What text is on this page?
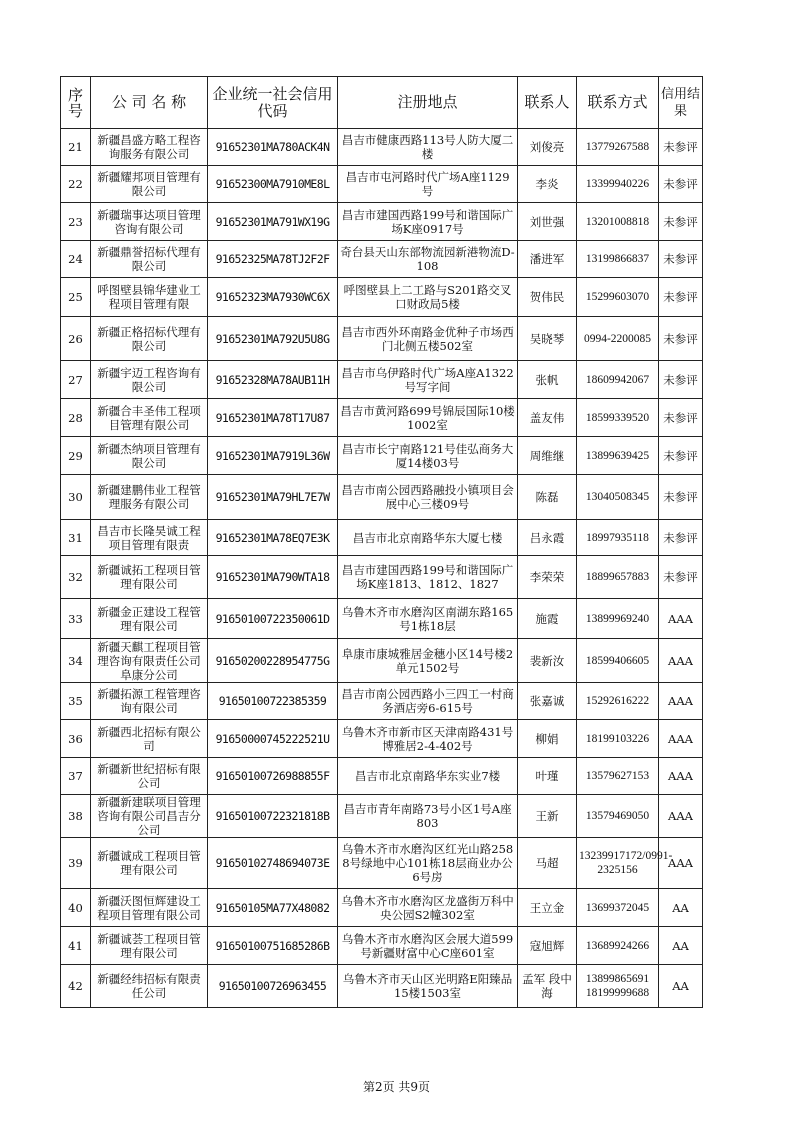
序号	公 司 名 称	企业统一社会信用代码	注册地点	联系人	联系方式	信用结果
21	新疆昌盛方略工程咨询服务有限公司	91652301MA780ACK4N	昌吉市健康西路113号人防大厦二楼	刘俊亮	13779267588	未参评
22	新疆耀邦项目管理有限公司	91652300MA7910ME8L	昌吉市屯河路时代广场A座1129号	李炎	13399940226	未参评
23	新疆瑞事达项目管理咨询有限公司	91652301MA791WX19G	昌吉市建国西路199号和谐国际广场K座0917号	刘世强	13201008818	未参评
24	新疆鼎誉招标代理有限公司	91652325MA78TJ2F2F	奇台县天山东部物流园新港物流D-108	潘进军	13199866837	未参评
25	呼图壁县锦华建业工程项目管理有限	91652323MA7930WC6X	呼图壁县上二工路与S201路交叉口财政局5楼	贺伟民	15299603070	未参评
26	新疆正格招标代理有限公司	91652301MA792U5U8G	昌吉市西外环南路金优种子市场西门北侧五楼502室	吴晓琴	0994-2200085	未参评
27	新疆宇迈工程咨询有限公司	91652328MA78AUB11H	昌吉市乌伊路时代广场A座A1322号写字间	张帆	18609942067	未参评
28	新疆合丰圣伟工程项目管理有限公司	91652301MA78T17U87	昌吉市黄河路699号锦辰国际10楼1002室	盖友伟	18599339520	未参评
29	新疆杰纳项目管理有限公司	91652301MA7919L36W	昌吉市长宁南路121号佳弘商务大厦14楼03号	周维继	13899639425	未参评
30	新疆建鹏伟业工程管理服务有限公司	91652301MA79HL7E7W	昌吉市南公园西路融投小镇项目会展中心三楼09号	陈磊	13040508345	未参评
31	昌吉市长隆昊诚工程项目管理有限责	91652301MA78EQ7E3K	昌吉市北京南路华东大厦七楼	吕永霞	18997935118	未参评
32	新疆诚拓工程项目管理有限公司	91652301MA790WTA18	昌吉市建国西路199号和谐国际广场K座1813、1812、1827	李荣荣	18899657883	未参评
33	新疆金正建设工程管理有限公司	91650100722350061D	乌鲁木齐市水磨沟区南湖东路165号1栋18层	施霞	13899969240	AAA
34	新疆天麒工程项目管理咨询有限责任公司阜康分公司	91650200228954775G	阜康市康城雅居金穗小区14号楼2单元1502号	裴新汝	18599406605	AAA
35	新疆拓源工程管理咨询有限公司	91650100722385359	昌吉市南公园西路小三四工一村商务酒店旁6-615号	张嘉诚	15292616222	AAA
36	新疆西北招标有限公司	91650000745222521U	乌鲁木齐市新市区天津南路431号博雅居2-4-402号	柳娟	18199103226	AAA
37	新疆新世纪招标有限公司	91650100726988855F	昌吉市北京南路华东实业7楼	叶瑾	13579627153	AAA
38	新疆新建联项目管理咨询有限公司昌吉分公司	91650100722321818B	昌吉市青年南路73号小区1号A座803	王新	13579469050	AAA
39	新疆诚成工程项目管理有限公司	91650102748694073E	乌鲁木齐市水磨沟区红光山路2588号绿地中心101栋18层商业办公6号房	马超	13239917172/0991-2325156	AAA
40	新疆沃图恒辉建设工程项目管理有限公司	91650105MA77X48082	乌鲁木齐市水磨沟区龙盛街万科中央公园S2幢302室	王立金	13699372045	AA
41	新疆诚荟工程项目管理有限公司	91650100751685286B	乌鲁木齐市水磨沟区会展大道599号新疆财富中心C座601室	寇旭辉	13689924266	AA
42	新疆经纬招标有限责任公司	91650100726963455	乌鲁木齐市天山区光明路E阳臻品15楼1503室	孟军 段中海	13899865691 18199999688	AA
第2页 共9页
